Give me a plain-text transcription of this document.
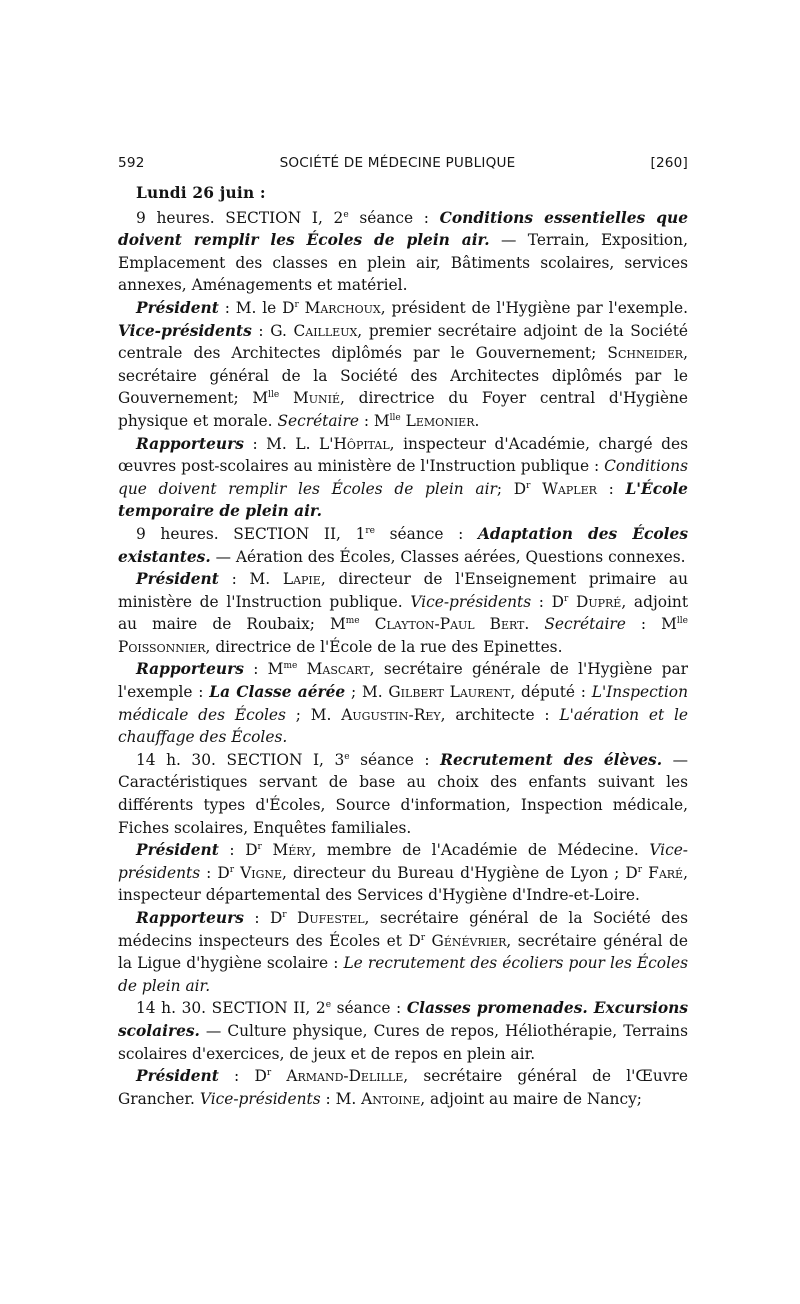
592	SOCIÉTÉ DE MÉDECINE PUBLIQUE	[260]
Lundi 26 juin :

9 heures. SECTION I, 2e séance : Conditions essentielles que doivent remplir les Écoles de plein air. — Terrain, Exposition, Emplacement des classes en plein air, Bâtiments scolaires, services annexes, Aménagements et matériel.

Président : M. le $D^r$ Marchoux, président de l'Hygiène par l'exemple. Vice-présidents : G. Cailleux, premier secrétaire adjoint de la Société centrale des Architectes diplômés par le Gouvernement; Schneider, secrétaire général de la Société des Architectes diplômés par le Gouvernement; $M^{lle}$ Munié, directrice du Foyer central d'Hygiène physique et morale. Secrétaire : $M^{lle}$ Lemonier.

Rapporteurs : M. L. L'Hôpital, inspecteur d'Académie, chargé des œuvres post-scolaires au ministère de l'Instruction publique : Conditions que doivent remplir les Écoles de plein air; $D^r$ Wapler : L'École temporaire de plein air.

9 heures. SECTION II, 1re séance : Adaptation des Écoles existantes. — Aération des Écoles, Classes aérées, Questions connexes.

Président : M. Lapie, directeur de l'Enseignement primaire au ministère de l'Instruction publique. Vice-présidents : $D^r$ Dupré, adjoint au maire de Roubaix; $M^{me}$ Clayton-Paul Bert. Secrétaire : $M^{lle}$ Poissonnier, directrice de l'École de la rue des Epinettes.

Rapporteurs : $M^{me}$ Mascart, secrétaire générale de l'Hygiène par l'exemple : La Classe aérée ; M. Gilbert Laurent, député : L'Inspection médicale des Écoles ; M. Augustin-Rey, architecte : L'aération et le chauffage des Écoles.

14 h. 30. SECTION I, 3e séance : Recrutement des élèves. — Caractéristiques servant de base au choix des enfants suivant les différents types d'Écoles, Source d'information, Inspection médicale, Fiches scolaires, Enquêtes familiales.

Président : $D^r$ Méry, membre de l'Académie de Médecine. Vice-présidents : $D^r$ Vigne, directeur du Bureau d'Hygiène de Lyon ; $D^r$ Faré, inspecteur départemental des Services d'Hygiène d'Indre-et-Loire.

Rapporteurs : $D^r$ Dufestel, secrétaire général de la Société des médecins inspecteurs des Écoles et $D^r$ Génévrier, secrétaire général de la Ligue d'hygiène scolaire : Le recrutement des écoliers pour les Écoles de plein air.

14 h. 30. SECTION II, 2e séance : Classes promenades. Excursions scolaires. — Culture physique, Cures de repos, Héliothérapie, Terrains scolaires d'exercices, de jeux et de repos en plein air.

Président : $D^r$ Armand-Delille, secrétaire général de l'Œuvre Grancher. Vice-présidents : M. Antoine, adjoint au maire de Nancy;
